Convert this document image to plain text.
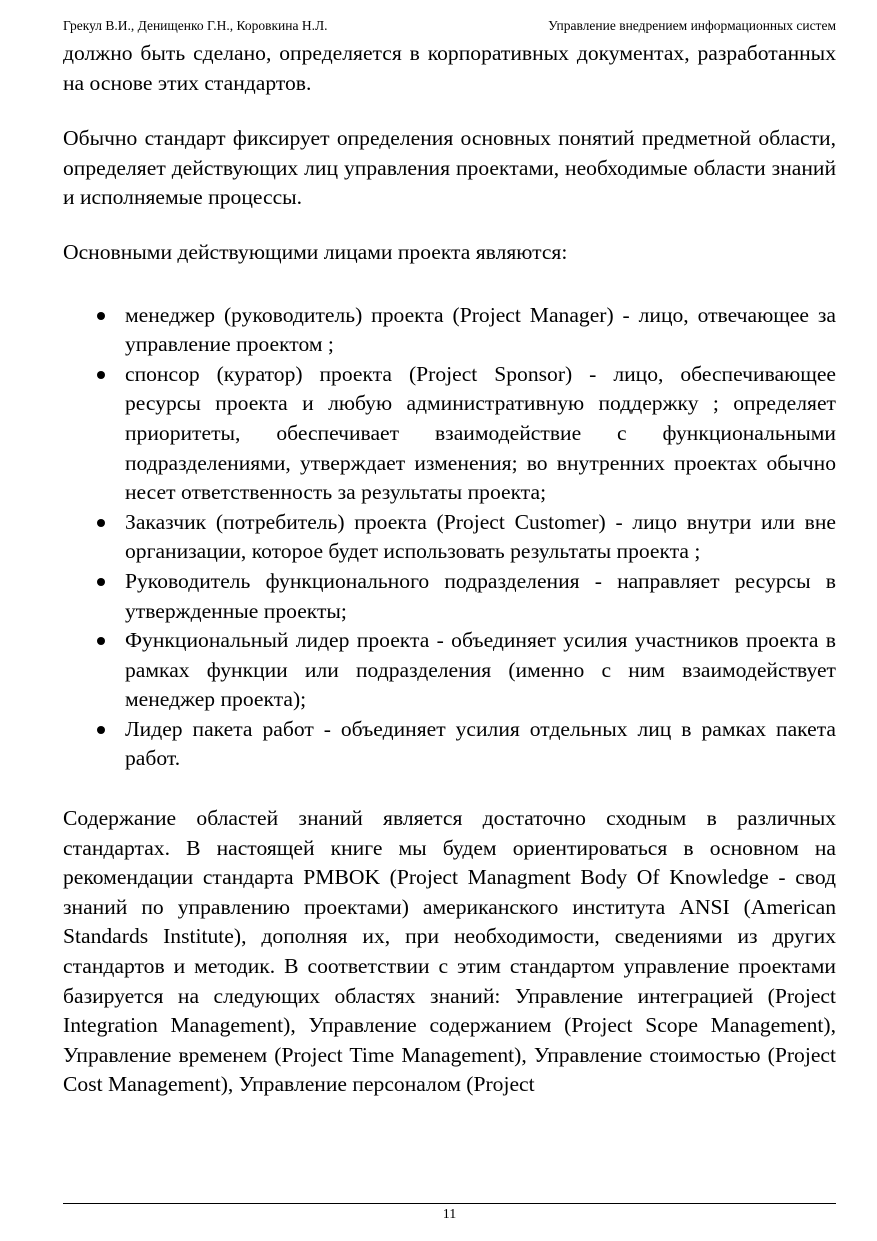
Грекул В.И., Денищенко Г.Н., Коровкина Н.Л.	Управление внедрением информационных систем

должно быть сделано, определяется в корпоративных документах, разработанных на основе этих стандартов.

Обычно стандарт фиксирует определения основных понятий предметной области, определяет действующих лиц управления проектами, необходимые области знаний и исполняемые процессы.

Основными действующими лицами проекта являются:

менеджер (руководитель) проекта (Project Manager) - лицо, отвечающее за управление проектом ;
спонсор (куратор) проекта (Project Sponsor) - лицо, обеспечивающее ресурсы проекта и любую административную поддержку ; определяет приоритеты, обеспечивает взаимодействие с функциональными подразделениями, утверждает изменения; во внутренних проектах обычно несет ответственность за результаты проекта;
Заказчик (потребитель) проекта (Project Customer) - лицо внутри или вне организации, которое будет использовать результаты проекта ;
Руководитель функционального подразделения - направляет ресурсы в утвержденные проекты;
Функциональный лидер проекта - объединяет усилия участников проекта в рамках функции или подразделения (именно с ним взаимодействует менеджер проекта);
Лидер пакета работ - объединяет усилия отдельных лиц в рамках пакета работ.

Содержание областей знаний является достаточно сходным в различных стандартах. В настоящей книге мы будем ориентироваться в основном на рекомендации стандарта PMBOK (Project Managment Body Of Knowledge - свод знаний по управлению проектами) американского института ANSI (American Standards Institute), дополняя их, при необходимости, сведениями из других стандартов и методик. В соответствии с этим стандартом управление проектами базируется на следующих областях знаний: Управление интеграцией (Project Integration Management), Управление содержанием (Project Scope Management), Управление временем (Project Time Management), Управление стоимостью (Project Cost Management), Управление персоналом (Project

11
